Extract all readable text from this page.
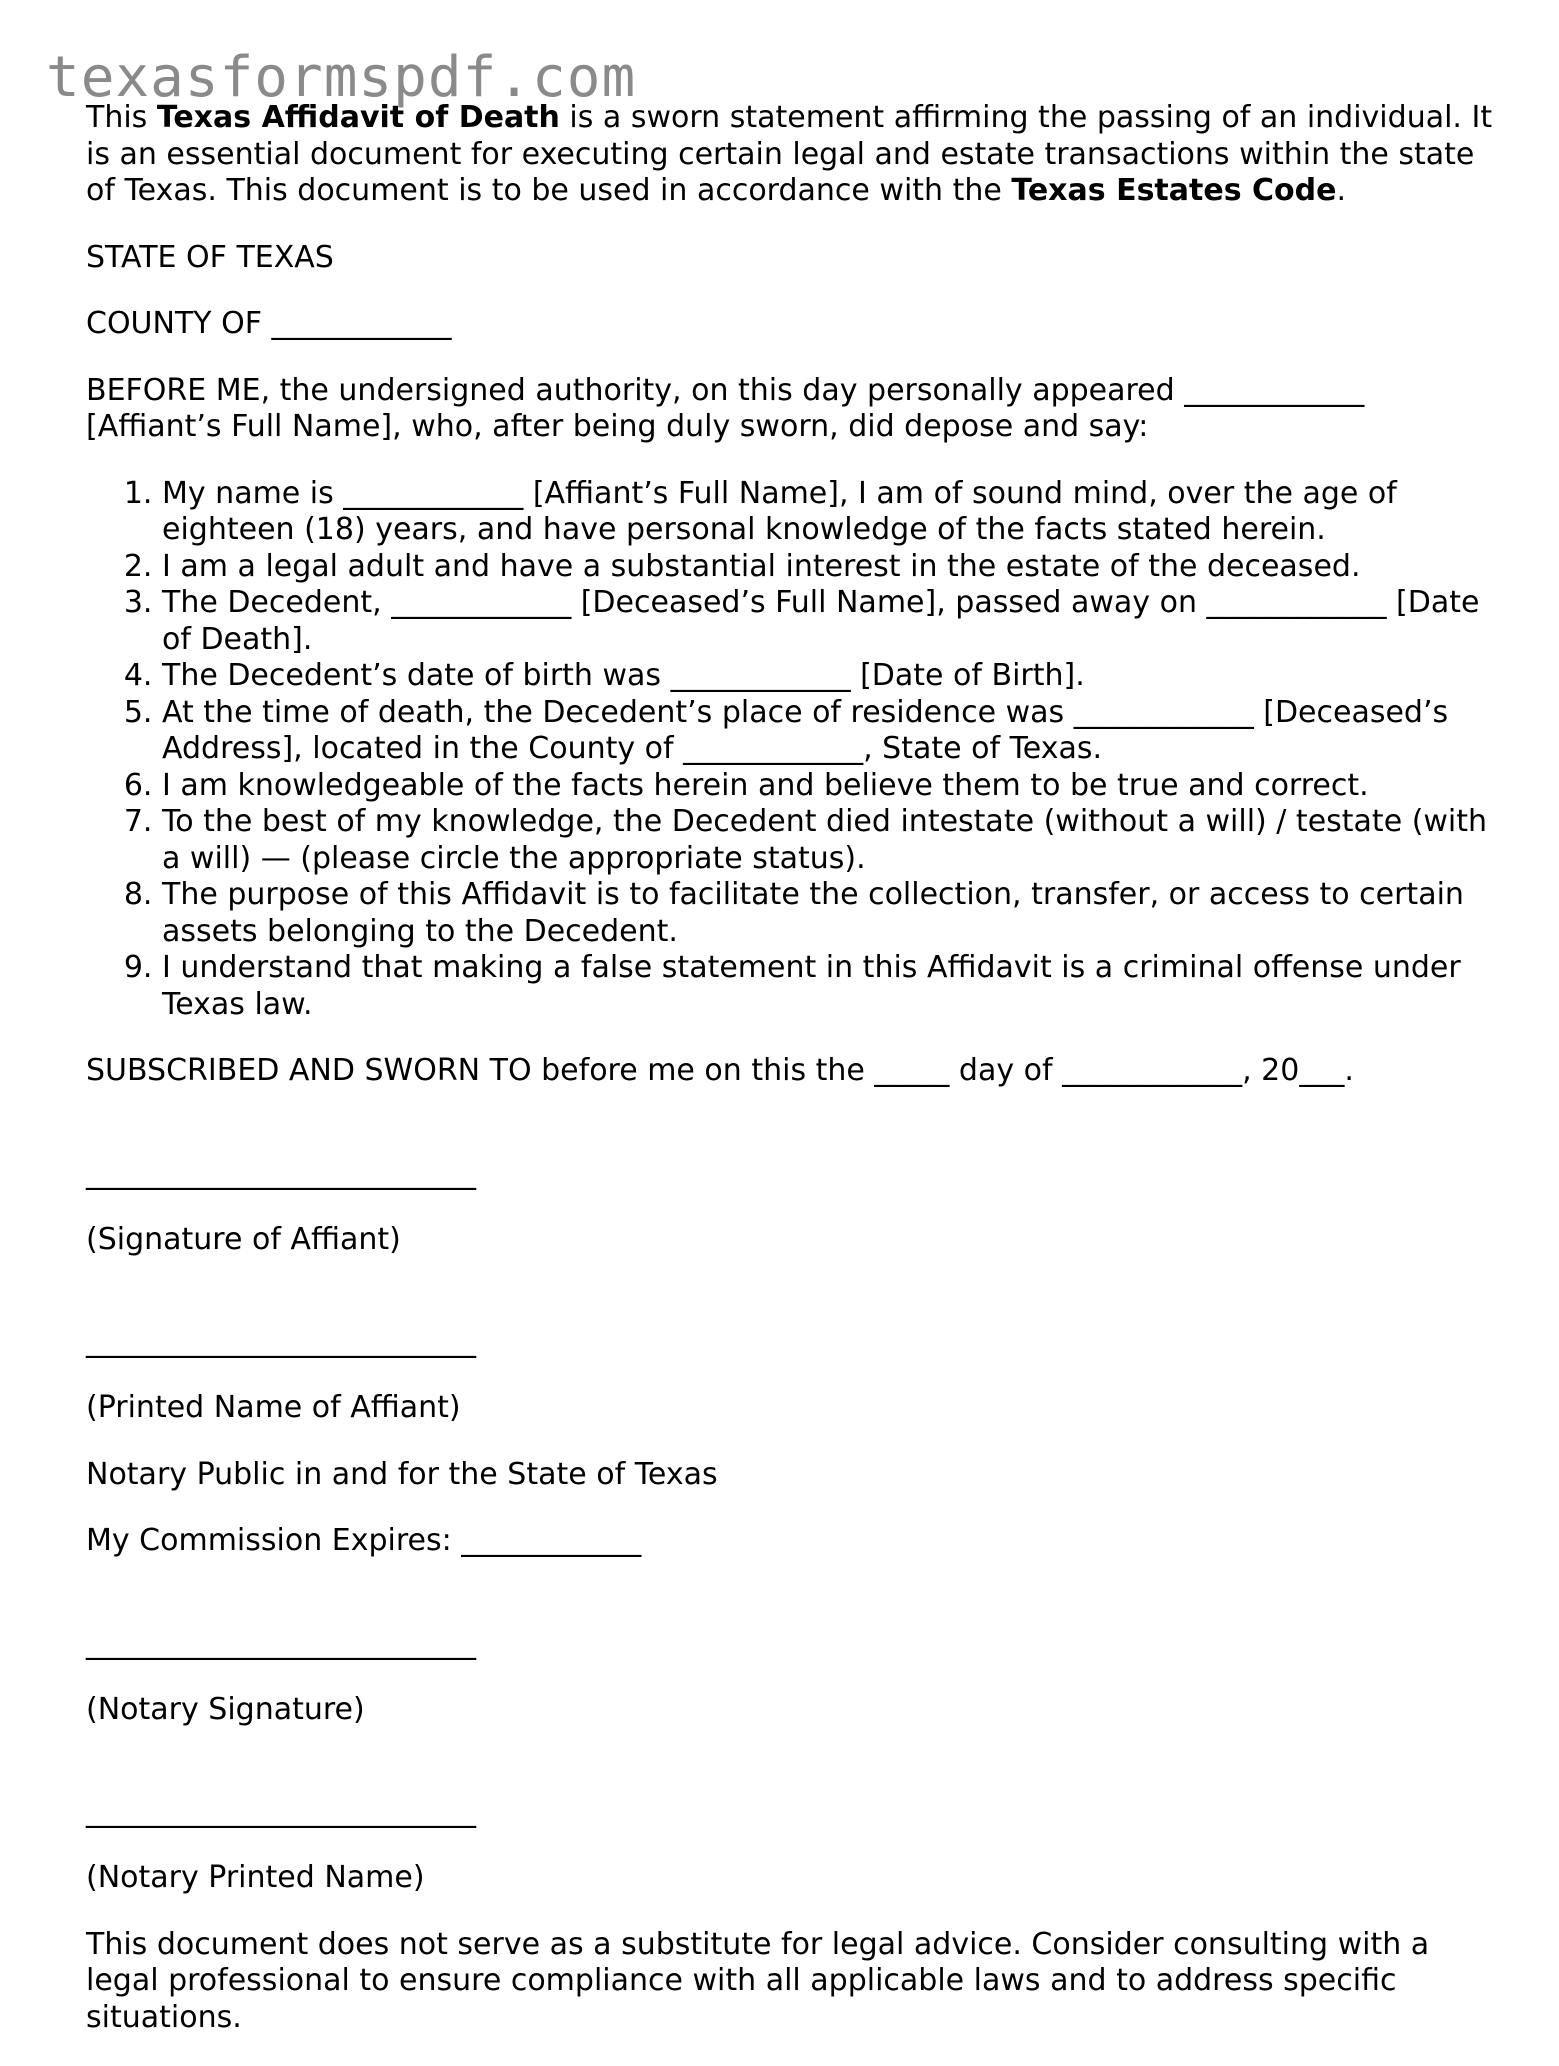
texasformspdf.com

This Texas Affidavit of Death is a sworn statement affirming the passing of an individual. It is an essential document for executing certain legal and estate transactions within the state of Texas. This document is to be used in accordance with the Texas Estates Code.

STATE OF TEXAS

COUNTY OF ____________

BEFORE ME, the undersigned authority, on this day personally appeared ____________ [Affiant’s Full Name], who, after being duly sworn, did depose and say:

1. My name is ____________ [Affiant’s Full Name], I am of sound mind, over the age of eighteen (18) years, and have personal knowledge of the facts stated herein.
2. I am a legal adult and have a substantial interest in the estate of the deceased.
3. The Decedent, ____________ [Deceased’s Full Name], passed away on ____________ [Date of Death].
4. The Decedent’s date of birth was ____________ [Date of Birth].
5. At the time of death, the Decedent’s place of residence was ____________ [Deceased’s Address], located in the County of ____________, State of Texas.
6. I am knowledgeable of the facts herein and believe them to be true and correct.
7. To the best of my knowledge, the Decedent died intestate (without a will) / testate (with a will) — (please circle the appropriate status).
8. The purpose of this Affidavit is to facilitate the collection, transfer, or access to certain assets belonging to the Decedent.
9. I understand that making a false statement in this Affidavit is a criminal offense under Texas law.

SUBSCRIBED AND SWORN TO before me on this the _____ day of ____________, 20___.

__________________________

(Signature of Affiant)

__________________________

(Printed Name of Affiant)

Notary Public in and for the State of Texas

My Commission Expires: ____________

__________________________

(Notary Signature)

__________________________

(Notary Printed Name)

This document does not serve as a substitute for legal advice. Consider consulting with a legal professional to ensure compliance with all applicable laws and to address specific situations.
